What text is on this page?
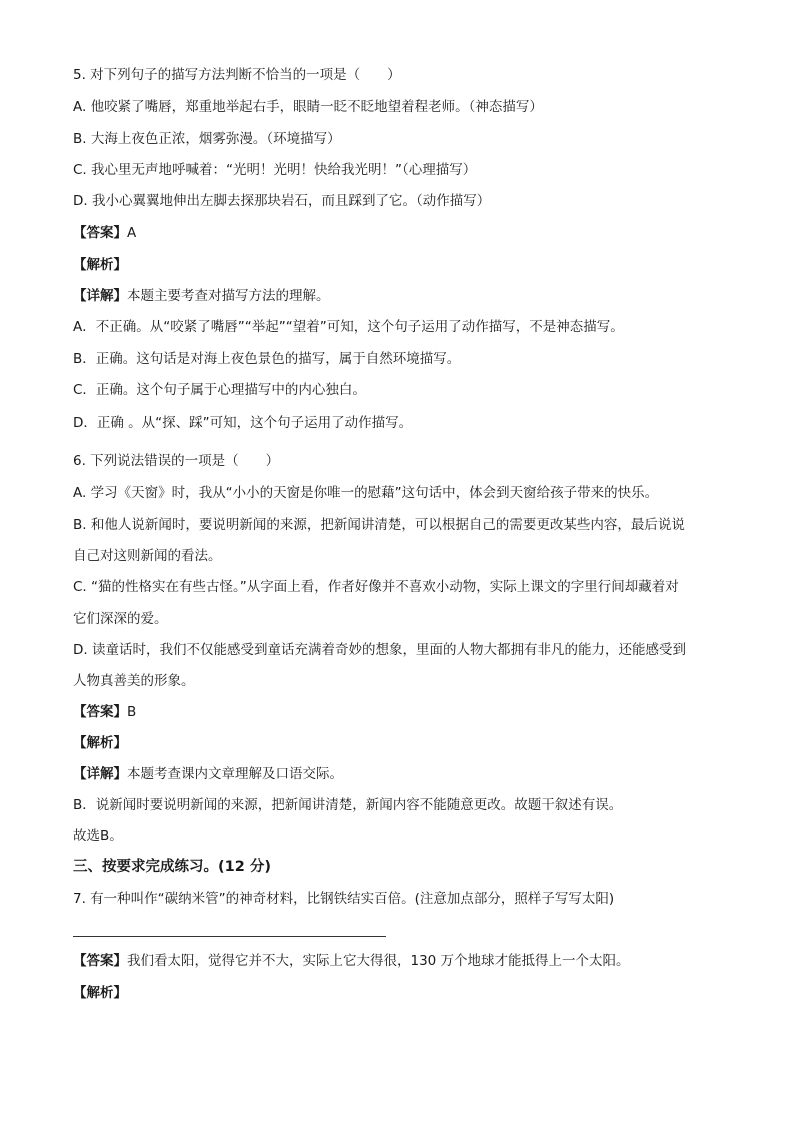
5. 对下列句子的描写方法判断不恰当的一项是（　　）

A. 他咬紧了嘴唇，郑重地举起右手，眼睛一眨不眨地望着程老师。（神态描写）

B. 大海上夜色正浓，烟雾弥漫。（环境描写）

C. 我心里无声地呼喊着：“光明！光明！快给我光明！”（心理描写）

D. 我小心翼翼地伸出左脚去探那块岩石，而且踩到了它。（动作描写）

【答案】A

【解析】

【详解】本题主要考查对描写方法的理解。

A．不正确。从“咬紧了嘴唇”“举起”“望着”可知，这个句子运用了动作描写，不是神态描写。

B．正确。这句话是对海上夜色景色的描写，属于自然环境描写。

C．正确。这个句子属于心理描写中的内心独白。

D．正确 。从“探、踩”可知，这个句子运用了动作描写。

6. 下列说法错误的一项是（　　）

A. 学习《天窗》时，我从“小小的天窗是你唯一的慰藉”这句话中，体会到天窗给孩子带来的快乐。

B. 和他人说新闻时，要说明新闻的来源，把新闻讲清楚，可以根据自己的需要更改某些内容，最后说说

自己对这则新闻的看法。

C. “猫的性格实在有些古怪。”从字面上看，作者好像并不喜欢小动物，实际上课文的字里行间却藏着对

它们深深的爱。

D. 读童话时，我们不仅能感受到童话充满着奇妙的想象，里面的人物大都拥有非凡的能力，还能感受到

人物真善美的形象。

【答案】B

【解析】

【详解】本题考查课内文章理解及口语交际。

B．说新闻时要说明新闻的来源，把新闻讲清楚，新闻内容不能随意更改。故题干叙述有误。

故选B。

三、按要求完成练习。(12 分)

7. 有一种叫作“碳纳米管”的神奇材料，比钢铁结实百倍。(注意加点部分，照样子写写太阳)

【答案】我们看太阳，觉得它并不大，实际上它大得很，130 万个地球才能抵得上一个太阳。

【解析】
